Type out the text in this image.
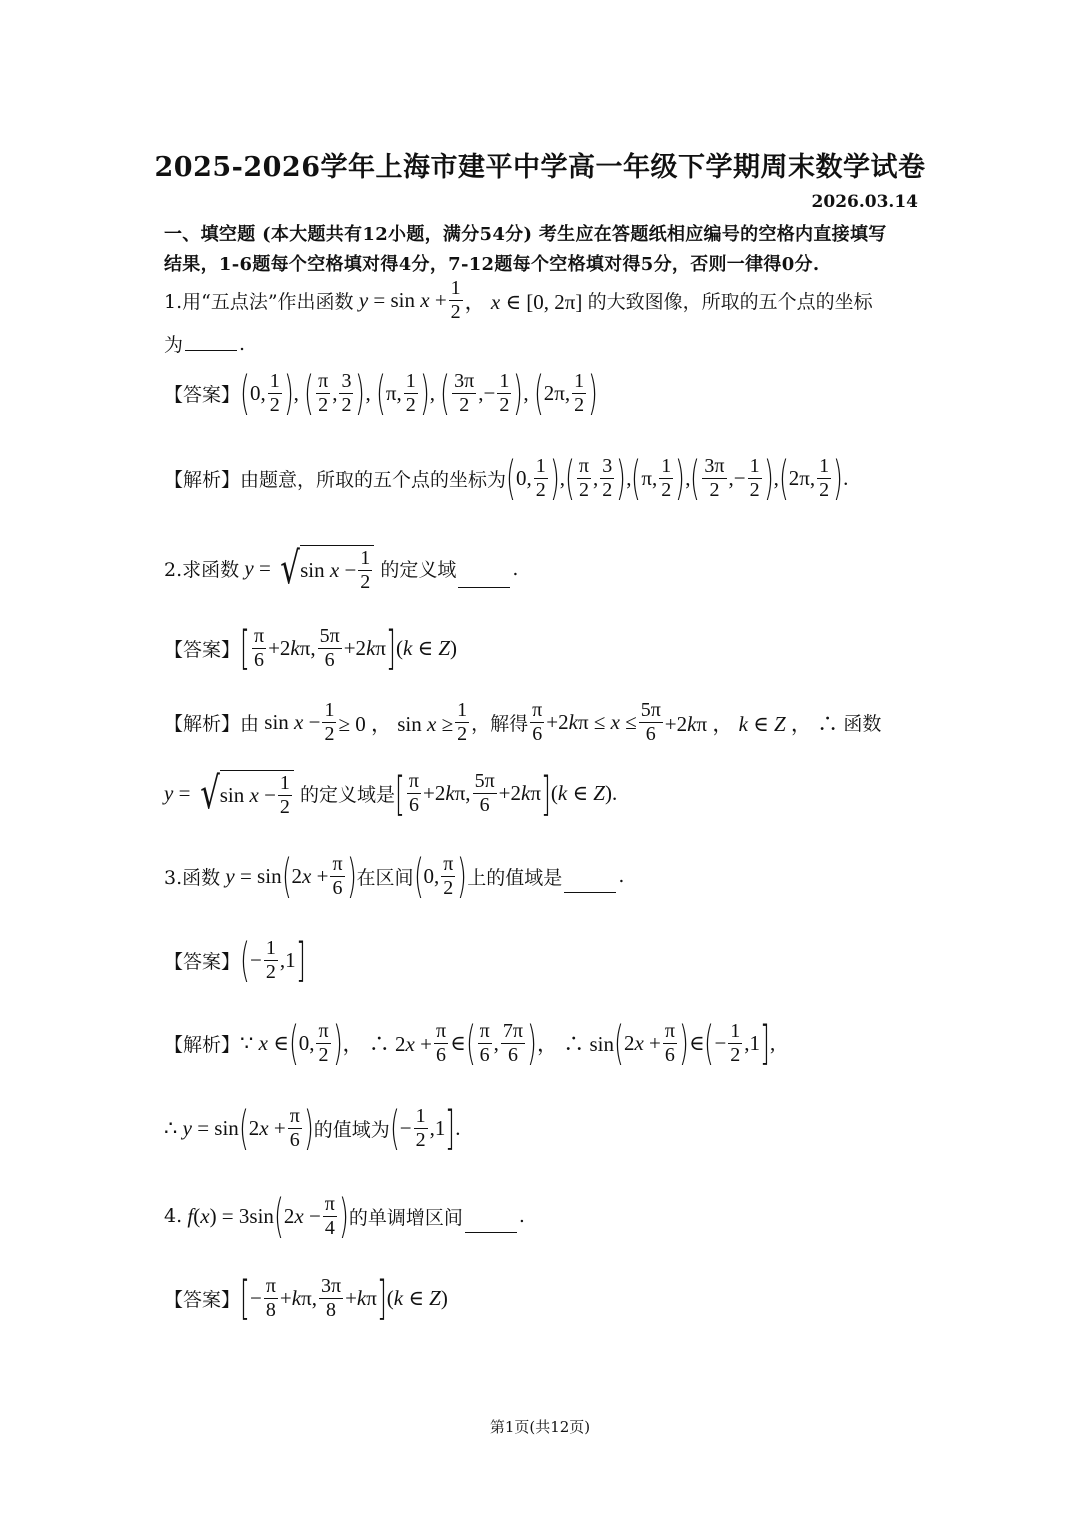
2025-2026学年上海市建平中学高一年级下学期周末数学试卷
2026.03.14
一、填空题 (本大题共有12小题，满分54分) 考生应在答题纸相应编号的空格内直接填写
结果，1-6题每个空格填对得4分，7-12题每个空格填对得5分，否则一律得0分.
1.用“五点法”作出函数 $y = \sin x + \frac{1}{2}$ ， x ∈ [0, 2π] 的大致图像，所取的五个点的坐标
为	.
【答案】 ( 0, $\frac{1}{2}$ ) , ( $\frac{\pi}{2}$ , $\frac{3}{2}$ ) , ( π, $\frac{1}{2}$ ) , ( $\frac{3\pi}{2}$ ,− $\frac{1}{2}$ ) , ( 2π, $\frac{1}{2}$ )
【解析】 由题意，所取的五个点的坐标为 ( 0, $\frac{1}{2}$ ) , ( $\frac{\pi}{2}$ , $\frac{3}{2}$ ) , ( π, $\frac{1}{2}$ ) , ( $\frac{3\pi}{2}$ ,− $\frac{1}{2}$ ) , ( 2π, $\frac{1}{2}$ ) .
2.求函数 y = √ $\sin x - \frac{1}{2}$
的定义域	.
【答案】 [ $\frac{\pi}{6} +2k\pi$, $\frac{5\pi}{6} +2k\pi$ ] (k ∈ Z)
【解析】 由 $\sin x - \frac{1}{2} \ge 0$ ， $\sin x \ge \frac{1}{2}$ ， 解得 $\frac{\pi}{6} +2k\pi \le x \le \frac{5\pi}{6} +2k\pi$ ， k ∈ Z ， ∴ 函数
y = √ $\sin x - \frac{1}{2}$
的定义域是 [ $\frac{\pi}{6} +2k\pi$, $\frac{5\pi}{6} +2k\pi$ ] (k ∈ Z).
3.函数 y = sin ( $2x + \frac{\pi}{6}$ ) 在区间 ( 0, $\frac{\pi}{2}$ ) 上的值域是	.
【答案】 ( − $\frac{1}{2} ,1$ ]
【解析】 ∵ x ∈ ( 0, $\frac{\pi}{2}$ ) ， ∴ $2x + \frac{\pi}{6}$ ∈ ( $\frac{\pi}{6}$ , $\frac{7\pi}{6}$ ) ， ∴ sin ( $2x + \frac{\pi}{6}$ ) ∈ ( − $\frac{1}{2} ,1$ ] ,
∴ y = sin ( $2x + \frac{\pi}{6}$ ) 的值域为 ( − $\frac{1}{2} ,1$ ] .
4. f(x) = 3sin ( $2x - \frac{\pi}{4}$ ) 的单调增区间	.
【答案】 [ − $\frac{\pi}{8} +k\pi$, $\frac{3\pi}{8} +k\pi$ ] (k ∈ Z)
第1页(共12页)
